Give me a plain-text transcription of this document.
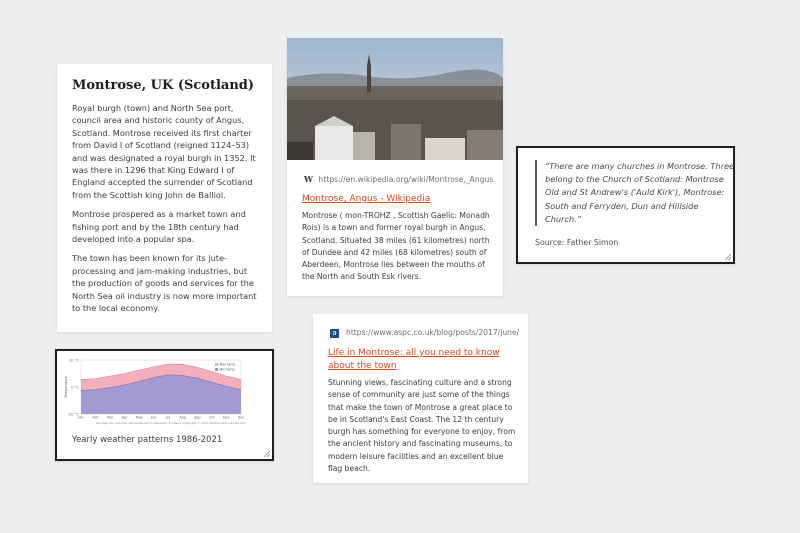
Montrose, UK (Scotland)

Royal burgh (town) and North Sea port, council area and historic county of Angus, Scotland. Montrose received its first charter from David I of Scotland (reigned 1124–53) and was designated a royal burgh in 1352. It was there in 1296 that King Edward I of England accepted the surrender of Scotland from the Scottish king John de Balliol.

Montrose prospered as a market town and fishing port and by the 18th century had developed into a popular spa.

The town has been known for its jute-processing and jam-making industries, but the production of goods and services for the North Sea oil industry is now more important to the local economy.

20 °C
0 °C
-20 °C
Jan	Feb Mar Apr May Jun	Jul	Aug Sep Oct Nov Dec
Temperature
Max temp
Min temp
Average min and max temperatures in Aberdeen, Scotland Copyright © 2021 weather-and-climate.com
Yearly weather patterns 1986-2021
W https://en.wikipedia.org/wiki/Montrose,_Angus
Montrose, Angus - Wikipedia
Montrose ( mon-TROHZ , Scottish Gaelic: Monadh Rois) is a town and former royal burgh in Angus, Scotland. Situated 38 miles (61 kilometres) north of Dundee and 42 miles (68 kilometres) south of Aberdeen, Montrose lies between the mouths of the North and South Esk rivers.
“There are many churches in Montrose. Three belong to the Church of Scotland: Montrose Old and St Andrew's ('Auld Kirk'), Montrose: South and Ferryden, Dun and Hillside Church.”
Source: Father Simon
a https://www.aspc.co.uk/blog/posts/2017/june/
Life in Montrose: all you need to know about the town
Stunning views, fascinating culture and a strong sense of community are just some of the things that make the town of Montrose a great place to be in Scotland's East Coast. The 12 th century burgh has something for everyone to enjoy, from the ancient history and fascinating museums, to modern leisure facilities and an excellent blue flag beach.
